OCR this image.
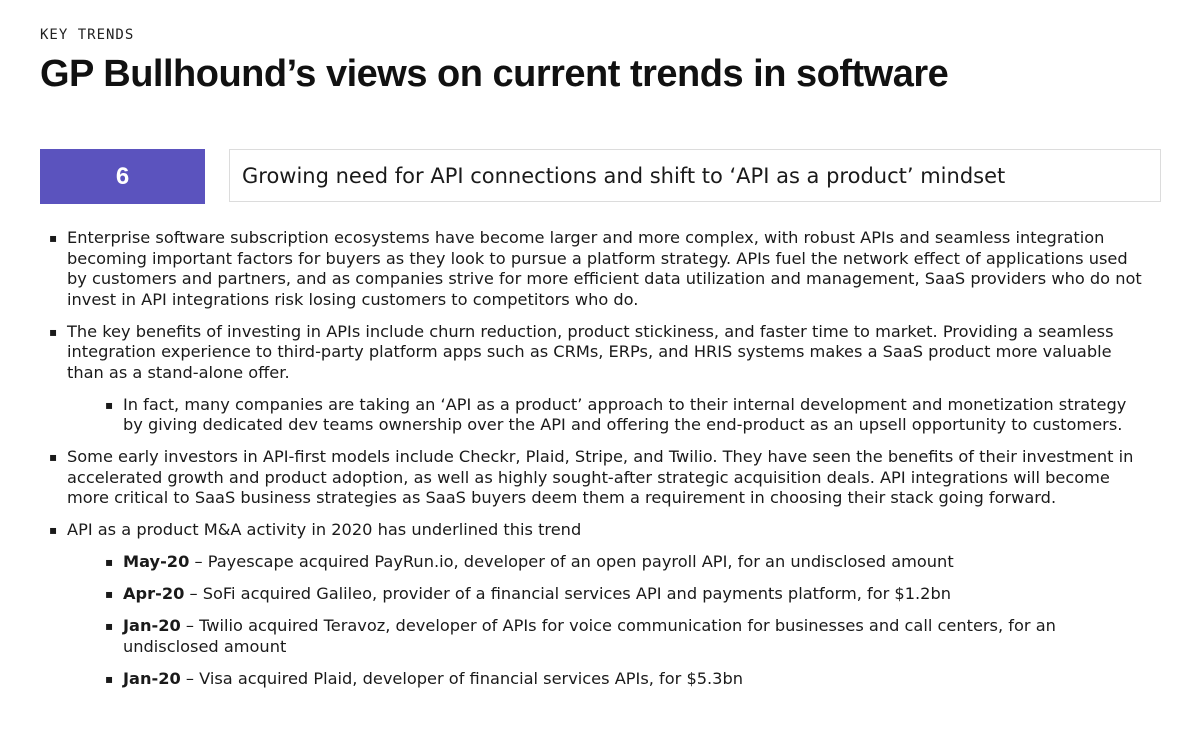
KEY TRENDS
GP Bullhound’s views on current trends in software
6	Growing need for API connections and shift to ‘API as a product’ mindset
▪ Enterprise software subscription ecosystems have become larger and more complex, with robust APIs and seamless integration becoming important factors for buyers as they look to pursue a platform strategy. APIs fuel the network effect of applications used by customers and partners, and as companies strive for more efficient data utilization and management, SaaS providers who do not invest in API integrations risk losing customers to competitors who do.
▪ The key benefits of investing in APIs include churn reduction, product stickiness, and faster time to market. Providing a seamless integration experience to third-party platform apps such as CRMs, ERPs, and HRIS systems makes a SaaS product more valuable than as a stand-alone offer.
▪ In fact, many companies are taking an ‘API as a product’ approach to their internal development and monetization strategy by giving dedicated dev teams ownership over the API and offering the end-product as an upsell opportunity to customers.
▪ Some early investors in API-first models include Checkr, Plaid, Stripe, and Twilio. They have seen the benefits of their investment in accelerated growth and product adoption, as well as highly sought-after strategic acquisition deals. API integrations will become more critical to SaaS business strategies as SaaS buyers deem them a requirement in choosing their stack going forward.
▪ API as a product M&A activity in 2020 has underlined this trend
▪ May-20 – Payescape acquired PayRun.io, developer of an open payroll API, for an undisclosed amount
▪ Apr-20 – SoFi acquired Galileo, provider of a financial services API and payments platform, for $1.2bn
▪ Jan-20 – Twilio acquired Teravoz, developer of APIs for voice communication for businesses and call centers, for an undisclosed amount
▪ Jan-20 – Visa acquired Plaid, developer of financial services APIs, for $5.3bn
